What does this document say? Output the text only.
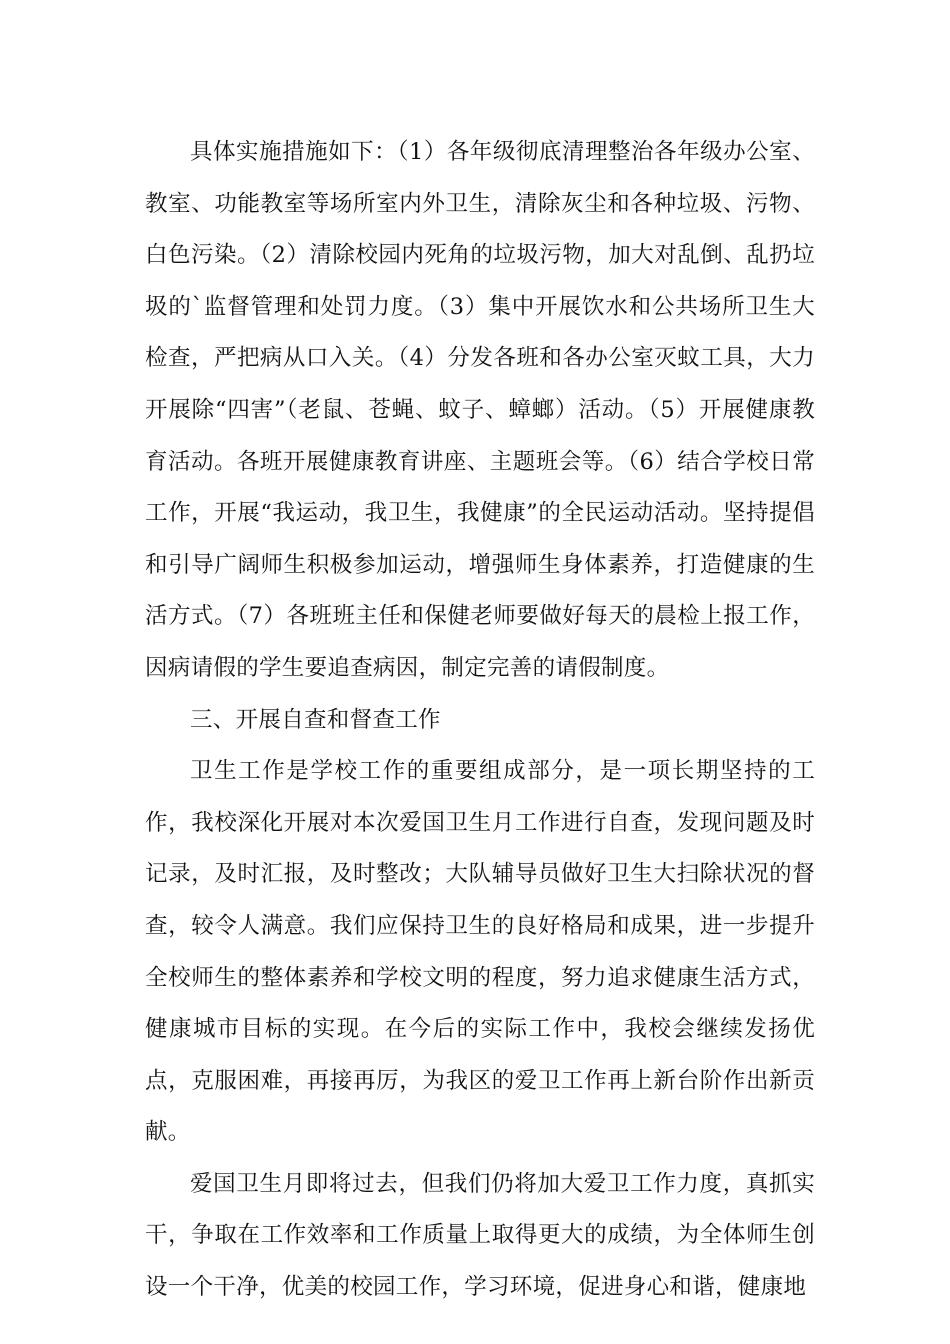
具体实施措施如下：（1）各年级彻底清理整治各年级办公室、教室、功能教室等场所室内外卫生，清除灰尘和各种垃圾、污物、白色污染。（2）清除校园内死角的垃圾污物，加大对乱倒、乱扔垃圾的`监督管理和处罚力度。（3）集中开展饮水和公共场所卫生大检查，严把病从口入关。（4）分发各班和各办公室灭蚊工具，大力开展除“四害”（老鼠、苍蝇、蚊子、蟑螂）活动。（5）开展健康教育活动。各班开展健康教育讲座、主题班会等。（6）结合学校日常工作，开展“我运动，我卫生，我健康”的全民运动活动。坚持提倡和引导广阔师生积极参加运动，增强师生身体素养，打造健康的生活方式。（7）各班班主任和保健老师要做好每天的晨检上报工作，因病请假的学生要追查病因，制定完善的请假制度。

三、开展自查和督查工作

卫生工作是学校工作的重要组成部分，是一项长期坚持的工作，我校深化开展对本次爱国卫生月工作进行自查，发现问题及时记录，及时汇报，及时整改；大队辅导员做好卫生大扫除状况的督查，较令人满意。我们应保持卫生的良好格局和成果，进一步提升全校师生的整体素养和学校文明的程度，努力追求健康生活方式，健康城市目标的实现。在今后的实际工作中，我校会继续发扬优点，克服困难，再接再厉，为我区的爱卫工作再上新台阶作出新贡献。

爱国卫生月即将过去，但我们仍将加大爱卫工作力度，真抓实干，争取在工作效率和工作质量上取得更大的成绩，为全体师生创设一个干净，优美的校园工作，学习环境，促进身心和谐，健康地
